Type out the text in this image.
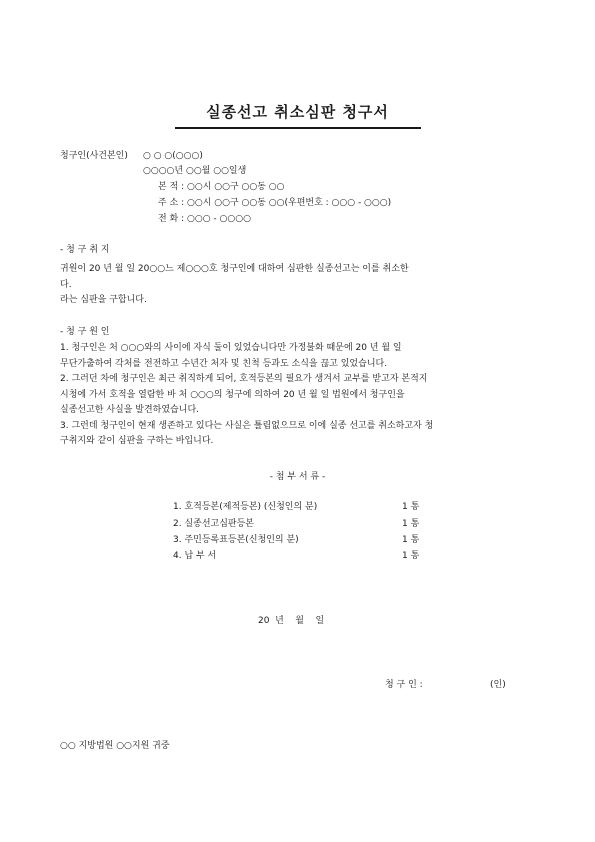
실종선고 취소심판 청구서
청구인(사건본인) ○ ○ ○(○○○)
○○○○년 ○○월 ○○일생
본 적 : ○○시 ○○구 ○○동 ○○
주 소 : ○○시 ○○구 ○○동 ○○(우편번호 : ○○○ - ○○○)
전 화 : ○○○ - ○○○○
- 청 구 취 지

귀원이 20 년 월 일 20○○느 제○○○호 청구인에 대하여 심판한 실종선고는 이를 취소한

다.

라는 심판을 구합니다.

- 청 구 원 인

1. 청구인은 처 ○○○와의 사이에 자식 둘이 있었습니다만 가정불화 때문에 20 년 월 일

무단가출하여 각처를 전전하고 수년간 처자 및 친척 등과도 소식을 끊고 있었습니다.

2. 그러던 차에 청구인은 최근 취직하게 되어, 호적등본의 필요가 생겨서 교부를 받고자 본적지

시청에 가서 호적을 열람한 바 처 ○○○의 청구에 의하여 20 년 월 일 법원에서 청구인을

실종선고한 사실을 발견하였습니다.

3. 그런데 청구인이 현재 생존하고 있다는 사실은 틀림없으므로 이에 실종 선고를 취소하고자 청

구취지와 같이 심판을 구하는 바입니다.

- 첨 부 서 류 -
1. 호적등본(제적등본) (신청인의 분)	1 통
2. 실종선고심판등본	1 통
3. 주민등록표등본(신청인의 분)	1 통
4. 납 부 서	1 통
20  년    월    일
청 구 인 :	(인)
○○ 지방법원 ○○지원 귀중
